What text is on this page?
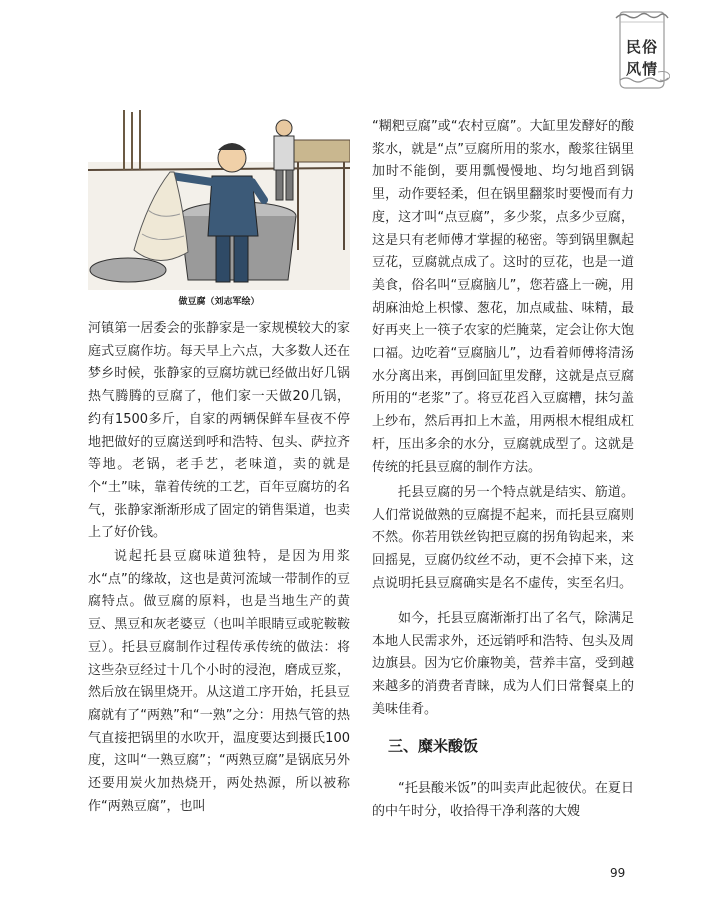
民俗
风情
做豆腐（刘志军绘）

河镇第一居委会的张静家是一家规模较大的家庭式豆腐作坊。每天早上六点，大多数人还在梦乡时候，张静家的豆腐坊就已经做出好几锅热气腾腾的豆腐了，他们家一天做20几锅，约有1500多斤，自家的两辆保鲜车昼夜不停地把做好的豆腐送到呼和浩特、包头、萨拉齐等地。老锅，老手艺，老味道，卖的就是个“土”味，靠着传统的工艺，百年豆腐坊的名气，张静家渐渐形成了固定的销售渠道，也卖上了好价钱。

说起托县豆腐味道独特，是因为用浆水“点”的缘故，这也是黄河流域一带制作的豆腐特点。做豆腐的原料，也是当地生产的黄豆、黑豆和灰老婆豆（也叫羊眼睛豆或驼鞍鞍豆）。托县豆腐制作过程传承传统的做法：将这些杂豆经过十几个小时的浸泡，磨成豆浆，然后放在锅里烧开。从这道工序开始，托县豆腐就有了“两熟”和“一熟”之分：用热气管的热气直接把锅里的水吹开，温度要达到摄氏100度，这叫“一熟豆腐”；“两熟豆腐”是锅底另外还要用炭火加热烧开，两处热源，所以被称作“两熟豆腐”，也叫

“糊粑豆腐”或“农村豆腐”。大缸里发酵好的酸浆水，就是“点”豆腐所用的浆水，酸浆往锅里加时不能倒，要用瓢慢慢地、均匀地舀到锅里，动作要轻柔，但在锅里翻浆时要慢而有力度，这才叫“点豆腐”，多少浆，点多少豆腐，这是只有老师傅才掌握的秘密。等到锅里飘起豆花，豆腐就点成了。这时的豆花，也是一道美食，俗名叫“豆腐脑儿”，您若盛上一碗，用胡麻油炝上枳懞、葱花，加点咸盐、味精，最好再夹上一筷子农家的烂腌菜，定会让你大饱口福。边吃着“豆腐脑儿”，边看着师傅将清汤水分离出来，再倒回缸里发酵，这就是点豆腐所用的“老浆”了。将豆花舀入豆腐糟，抹匀盖上纱布，然后再扣上木盖，用两根木棍组成杠杆，压出多余的水分，豆腐就成型了。这就是传统的托县豆腐的制作方法。

托县豆腐的另一个特点就是结实、筋道。人们常说做熟的豆腐提不起来，而托县豆腐则不然。你若用铁丝钩把豆腐的拐角钩起来，来回摇晃，豆腐仍纹丝不动，更不会掉下来，这点说明托县豆腐确实是名不虚传，实至名归。

如今，托县豆腐渐渐打出了名气，除满足本地人民需求外，还远销呼和浩特、包头及周边旗县。因为它价廉物美，营养丰富，受到越来越多的消费者青睐，成为人们日常餐桌上的美味佳肴。

三、糜米酸饭

“托县酸米饭”的叫卖声此起彼伏。在夏日的中午时分，收拾得干净利落的大嫂

99
